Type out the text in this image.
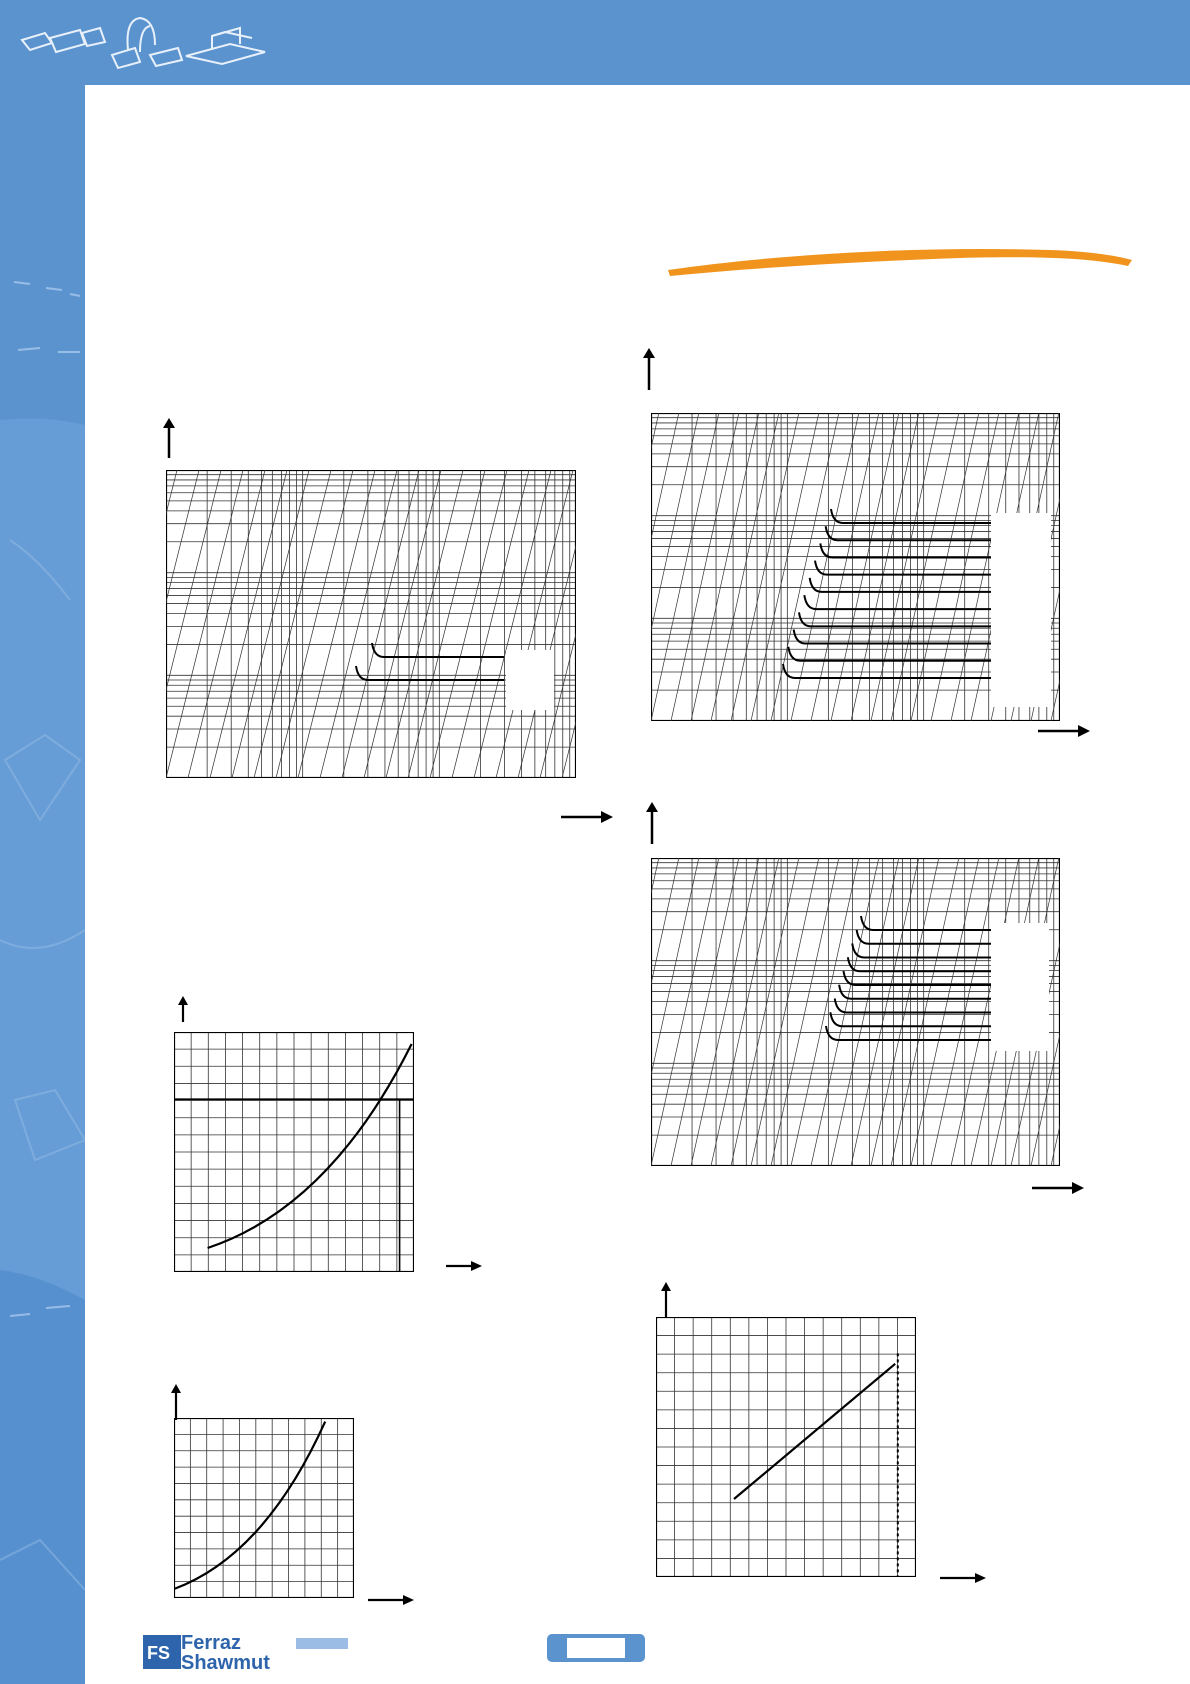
FS Ferraz
Shawmut
